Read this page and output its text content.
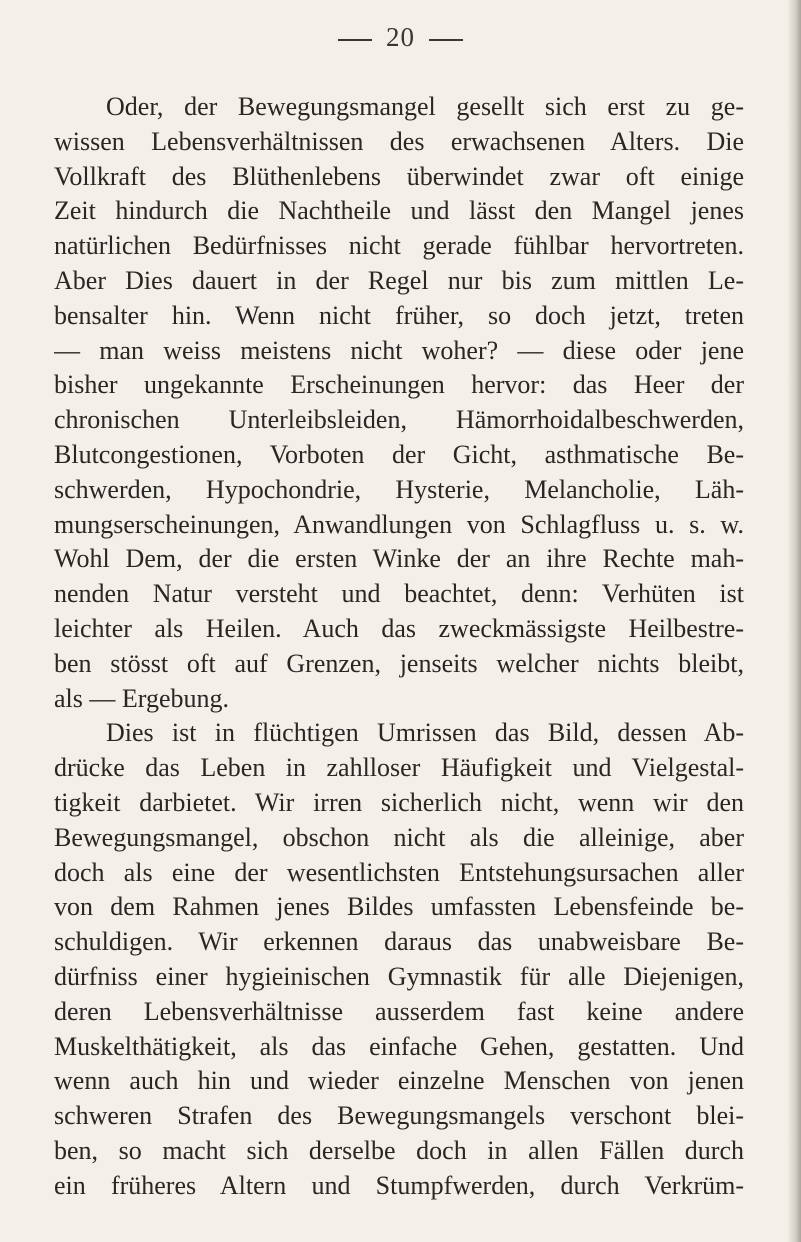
20
Oder, der Bewegungsmangel gesellt sich erst zu ge-
wissen Lebensverhältnissen des erwachsenen Alters. Die
Vollkraft des Blüthenlebens überwindet zwar oft einige
Zeit hindurch die Nachtheile und lässt den Mangel jenes
natürlichen Bedürfnisses nicht gerade fühlbar hervortreten.
Aber Dies dauert in der Regel nur bis zum mittlen Le-
bensalter hin. Wenn nicht früher, so doch jetzt, treten
— man weiss meistens nicht woher? — diese oder jene
bisher ungekannte Erscheinungen hervor: das Heer der
chronischen Unterleibsleiden, Hämorrhoidalbeschwerden,
Blutcongestionen, Vorboten der Gicht, asthmatische Be-
schwerden, Hypochondrie, Hysterie, Melancholie, Läh-
mungserscheinungen, Anwandlungen von Schlagfluss u. s. w.
Wohl Dem, der die ersten Winke der an ihre Rechte mah-
nenden Natur versteht und beachtet, denn: Verhüten ist
leichter als Heilen. Auch das zweckmässigste Heilbestre-
ben stösst oft auf Grenzen, jenseits welcher nichts bleibt,
als — Ergebung.
Dies ist in flüchtigen Umrissen das Bild, dessen Ab-
drücke das Leben in zahlloser Häufigkeit und Vielgestal-
tigkeit darbietet. Wir irren sicherlich nicht, wenn wir den
Bewegungsmangel, obschon nicht als die alleinige, aber
doch als eine der wesentlichsten Entstehungsursachen aller
von dem Rahmen jenes Bildes umfassten Lebensfeinde be-
schuldigen. Wir erkennen daraus das unabweisbare Be-
dürfniss einer hygieinischen Gymnastik für alle Diejenigen,
deren Lebensverhältnisse ausserdem fast keine andere
Muskelthätigkeit, als das einfache Gehen, gestatten. Und
wenn auch hin und wieder einzelne Menschen von jenen
schweren Strafen des Bewegungsmangels verschont blei-
ben, so macht sich derselbe doch in allen Fällen durch
ein früheres Altern und Stumpfwerden, durch Verkrüm-
